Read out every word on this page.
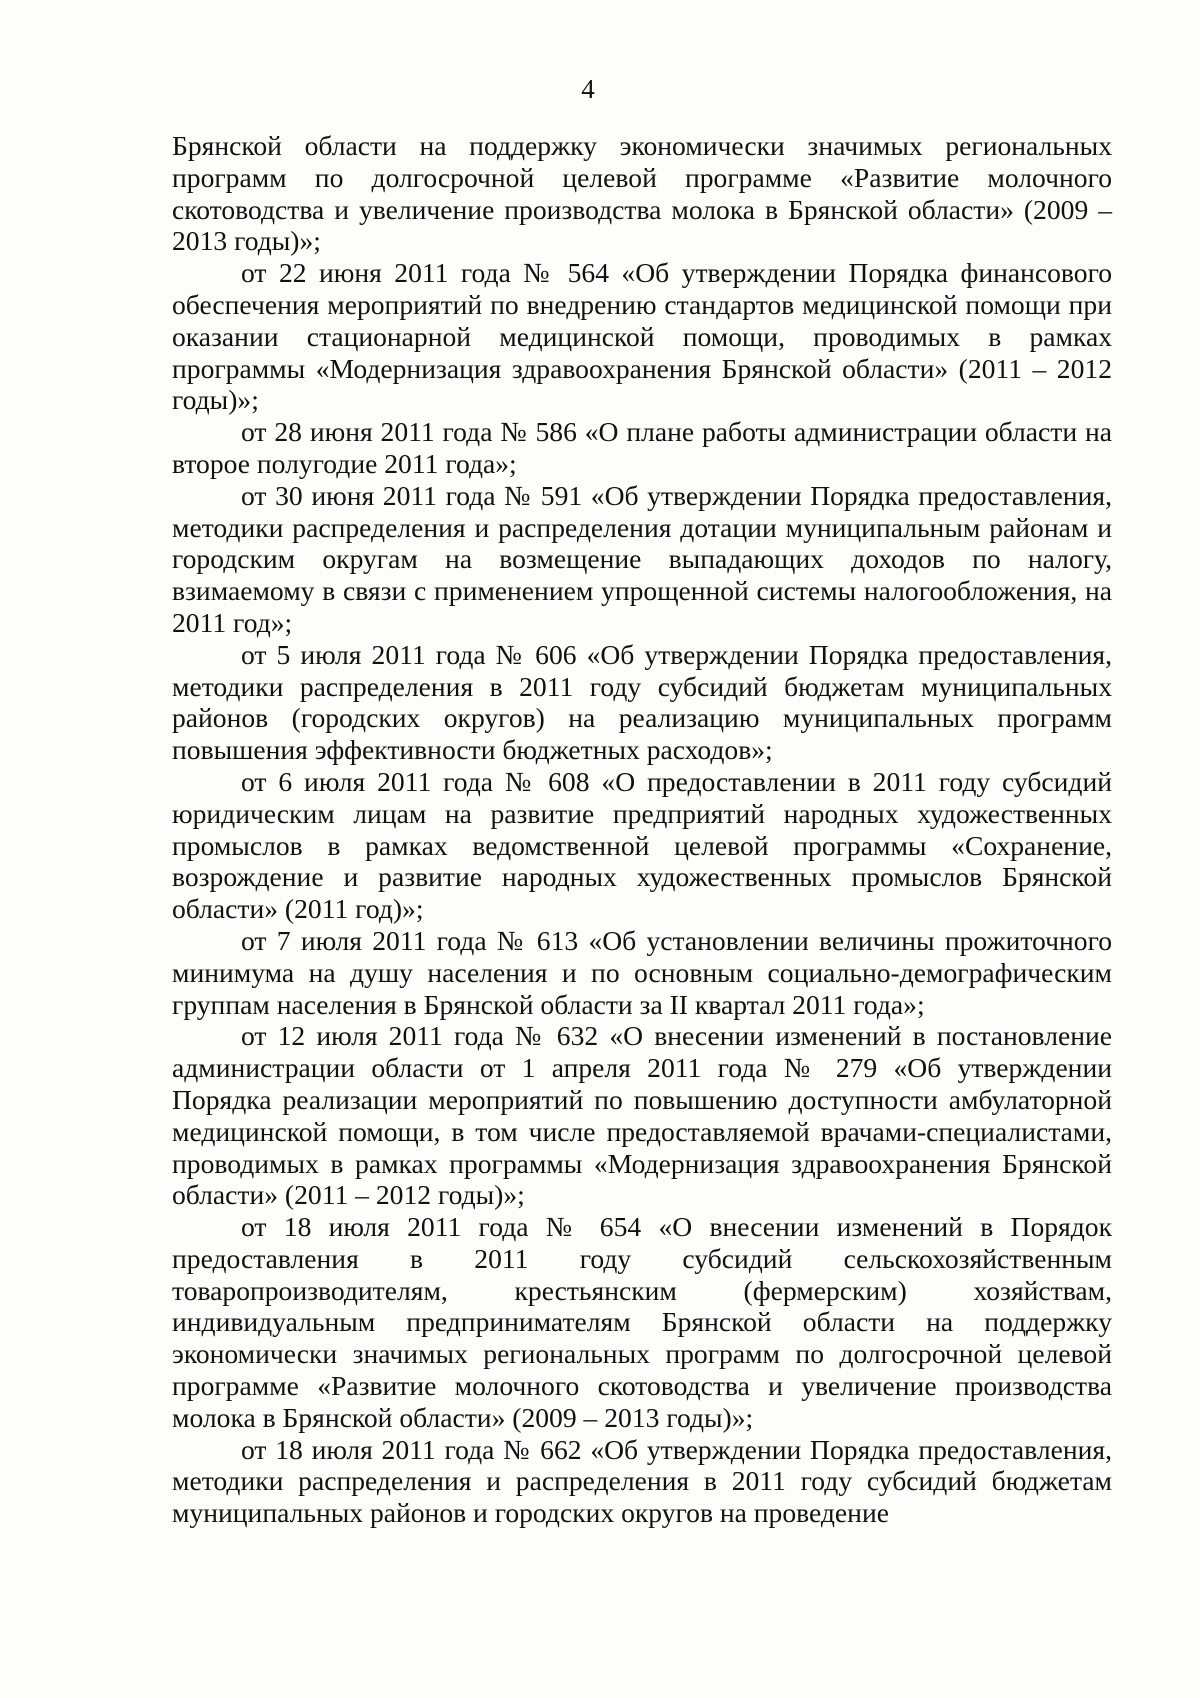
4

Брянской области на поддержку экономически значимых региональных программ по долгосрочной целевой программе «Развитие молочного скотоводства и увеличение производства молока в Брянской области» (2009 – 2013 годы)»;

от 22 июня 2011 года № 564 «Об утверждении Порядка финансового обеспечения мероприятий по внедрению стандартов медицинской помощи при оказании стационарной медицинской помощи, проводимых в рамках программы «Модернизация здравоохранения Брянской области» (2011 – 2012 годы)»;

от 28 июня 2011 года № 586 «О плане работы администрации области на второе полугодие 2011 года»;

от 30 июня 2011 года № 591 «Об утверждении Порядка предоставления, методики распределения и распределения дотации муниципальным районам и городским округам на возмещение выпадающих доходов по налогу, взимаемому в связи с применением упрощенной системы налогообложения, на 2011 год»;

от 5 июля 2011 года № 606 «Об утверждении Порядка предоставления, методики распределения в 2011 году субсидий бюджетам муниципальных районов (городских округов) на реализацию муниципальных программ повышения эффективности бюджетных расходов»;

от 6 июля 2011 года № 608 «О предоставлении в 2011 году субсидий юридическим лицам на развитие предприятий народных художественных промыслов в рамках ведомственной целевой программы «Сохранение, возрождение и развитие народных художественных промыслов Брянской области» (2011 год)»;

от 7 июля 2011 года № 613 «Об установлении величины прожиточного минимума на душу населения и по основным социально-демографическим группам населения в Брянской области за II квартал 2011 года»;

от 12 июля 2011 года № 632 «О внесении изменений в постановление администрации области от 1 апреля 2011 года № 279 «Об утверждении Порядка реализации мероприятий по повышению доступности амбулаторной медицинской помощи, в том числе предоставляемой врачами-специалистами, проводимых в рамках программы «Модернизация здравоохранения Брянской области» (2011 – 2012 годы)»;

от 18 июля 2011 года № 654 «О внесении изменений в Порядок предоставления в 2011 году субсидий сельскохозяйственным товаропроизводителям, крестьянским (фермерским) хозяйствам, индивидуальным предпринимателям Брянской области на поддержку экономически значимых региональных программ по долгосрочной целевой программе «Развитие молочного скотоводства и увеличение производства молока в Брянской области» (2009 – 2013 годы)»;

от 18 июля 2011 года № 662 «Об утверждении Порядка предоставления, методики распределения и распределения в 2011 году субсидий бюджетам муниципальных районов и городских округов на проведение
